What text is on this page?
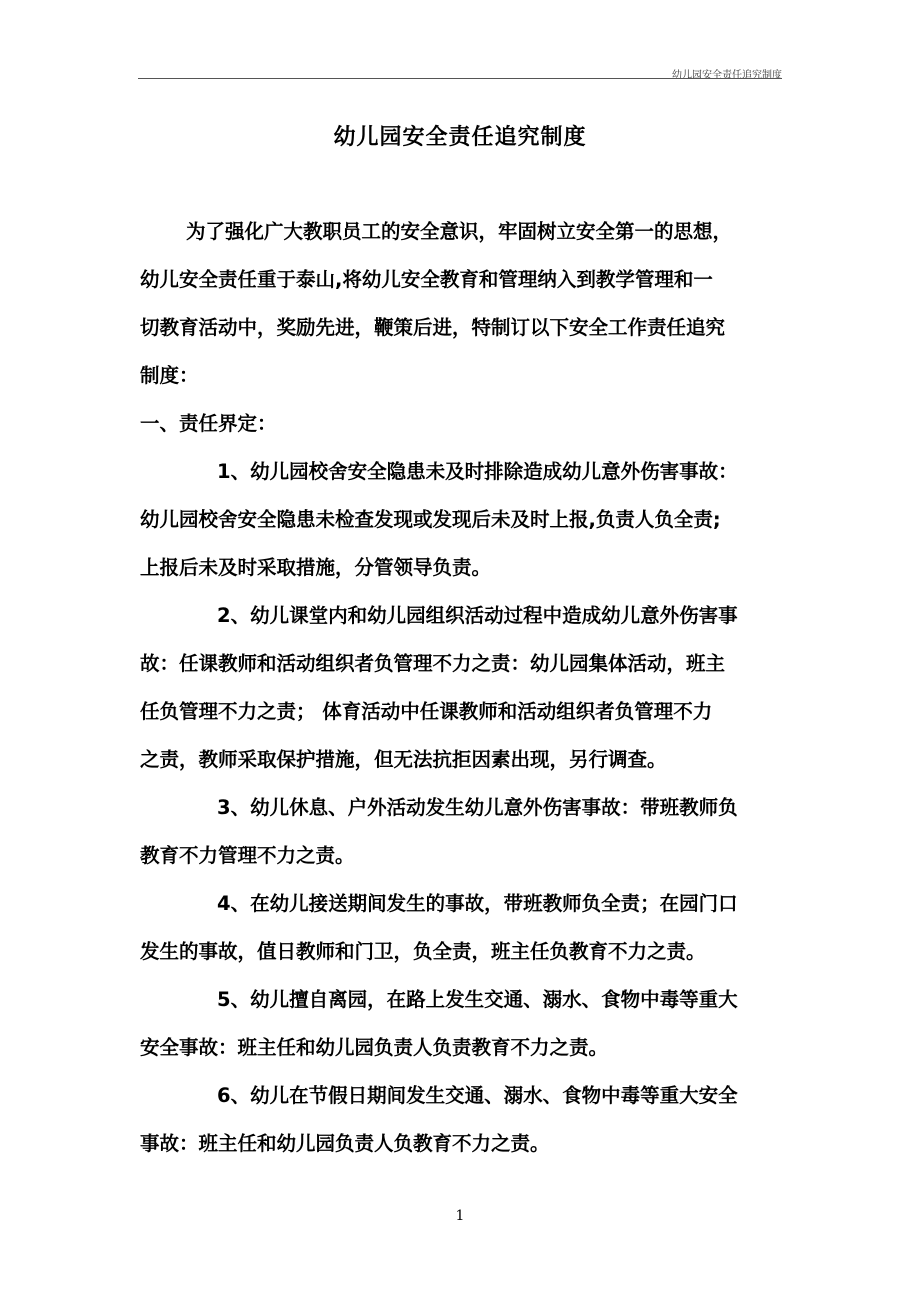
幼儿园安全责任追究制度
幼儿园安全责任追究制度
为了强化广大教职员工的安全意识，牢固树立安全第一的思想，
幼儿安全责任重于泰山,将幼儿安全教育和管理纳入到教学管理和一
切教育活动中，奖励先进，鞭策后进，特制订以下安全工作责任追究
制度：
一、责任界定：
1、幼儿园校舍安全隐患未及时排除造成幼儿意外伤害事故：
幼儿园校舍安全隐患未检查发现或发现后未及时上报,负责人负全责;
上报后未及时采取措施，分管领导负责。
2、幼儿课堂内和幼儿园组织活动过程中造成幼儿意外伤害事
故：任课教师和活动组织者负管理不力之责：幼儿园集体活动，班主
任负管理不力之责； 体育活动中任课教师和活动组织者负管理不力
之责，教师采取保护措施，但无法抗拒因素出现，另行调查。
3、幼儿休息、户外活动发生幼儿意外伤害事故：带班教师负
教育不力管理不力之责。
4、在幼儿接送期间发生的事故，带班教师负全责；在园门口
发生的事故，值日教师和门卫，负全责，班主任负教育不力之责。
5、幼儿擅自离园，在路上发生交通、溺水、食物中毒等重大
安全事故：班主任和幼儿园负责人负责教育不力之责。
6、幼儿在节假日期间发生交通、溺水、食物中毒等重大安全
事故：班主任和幼儿园负责人负教育不力之责。
1
